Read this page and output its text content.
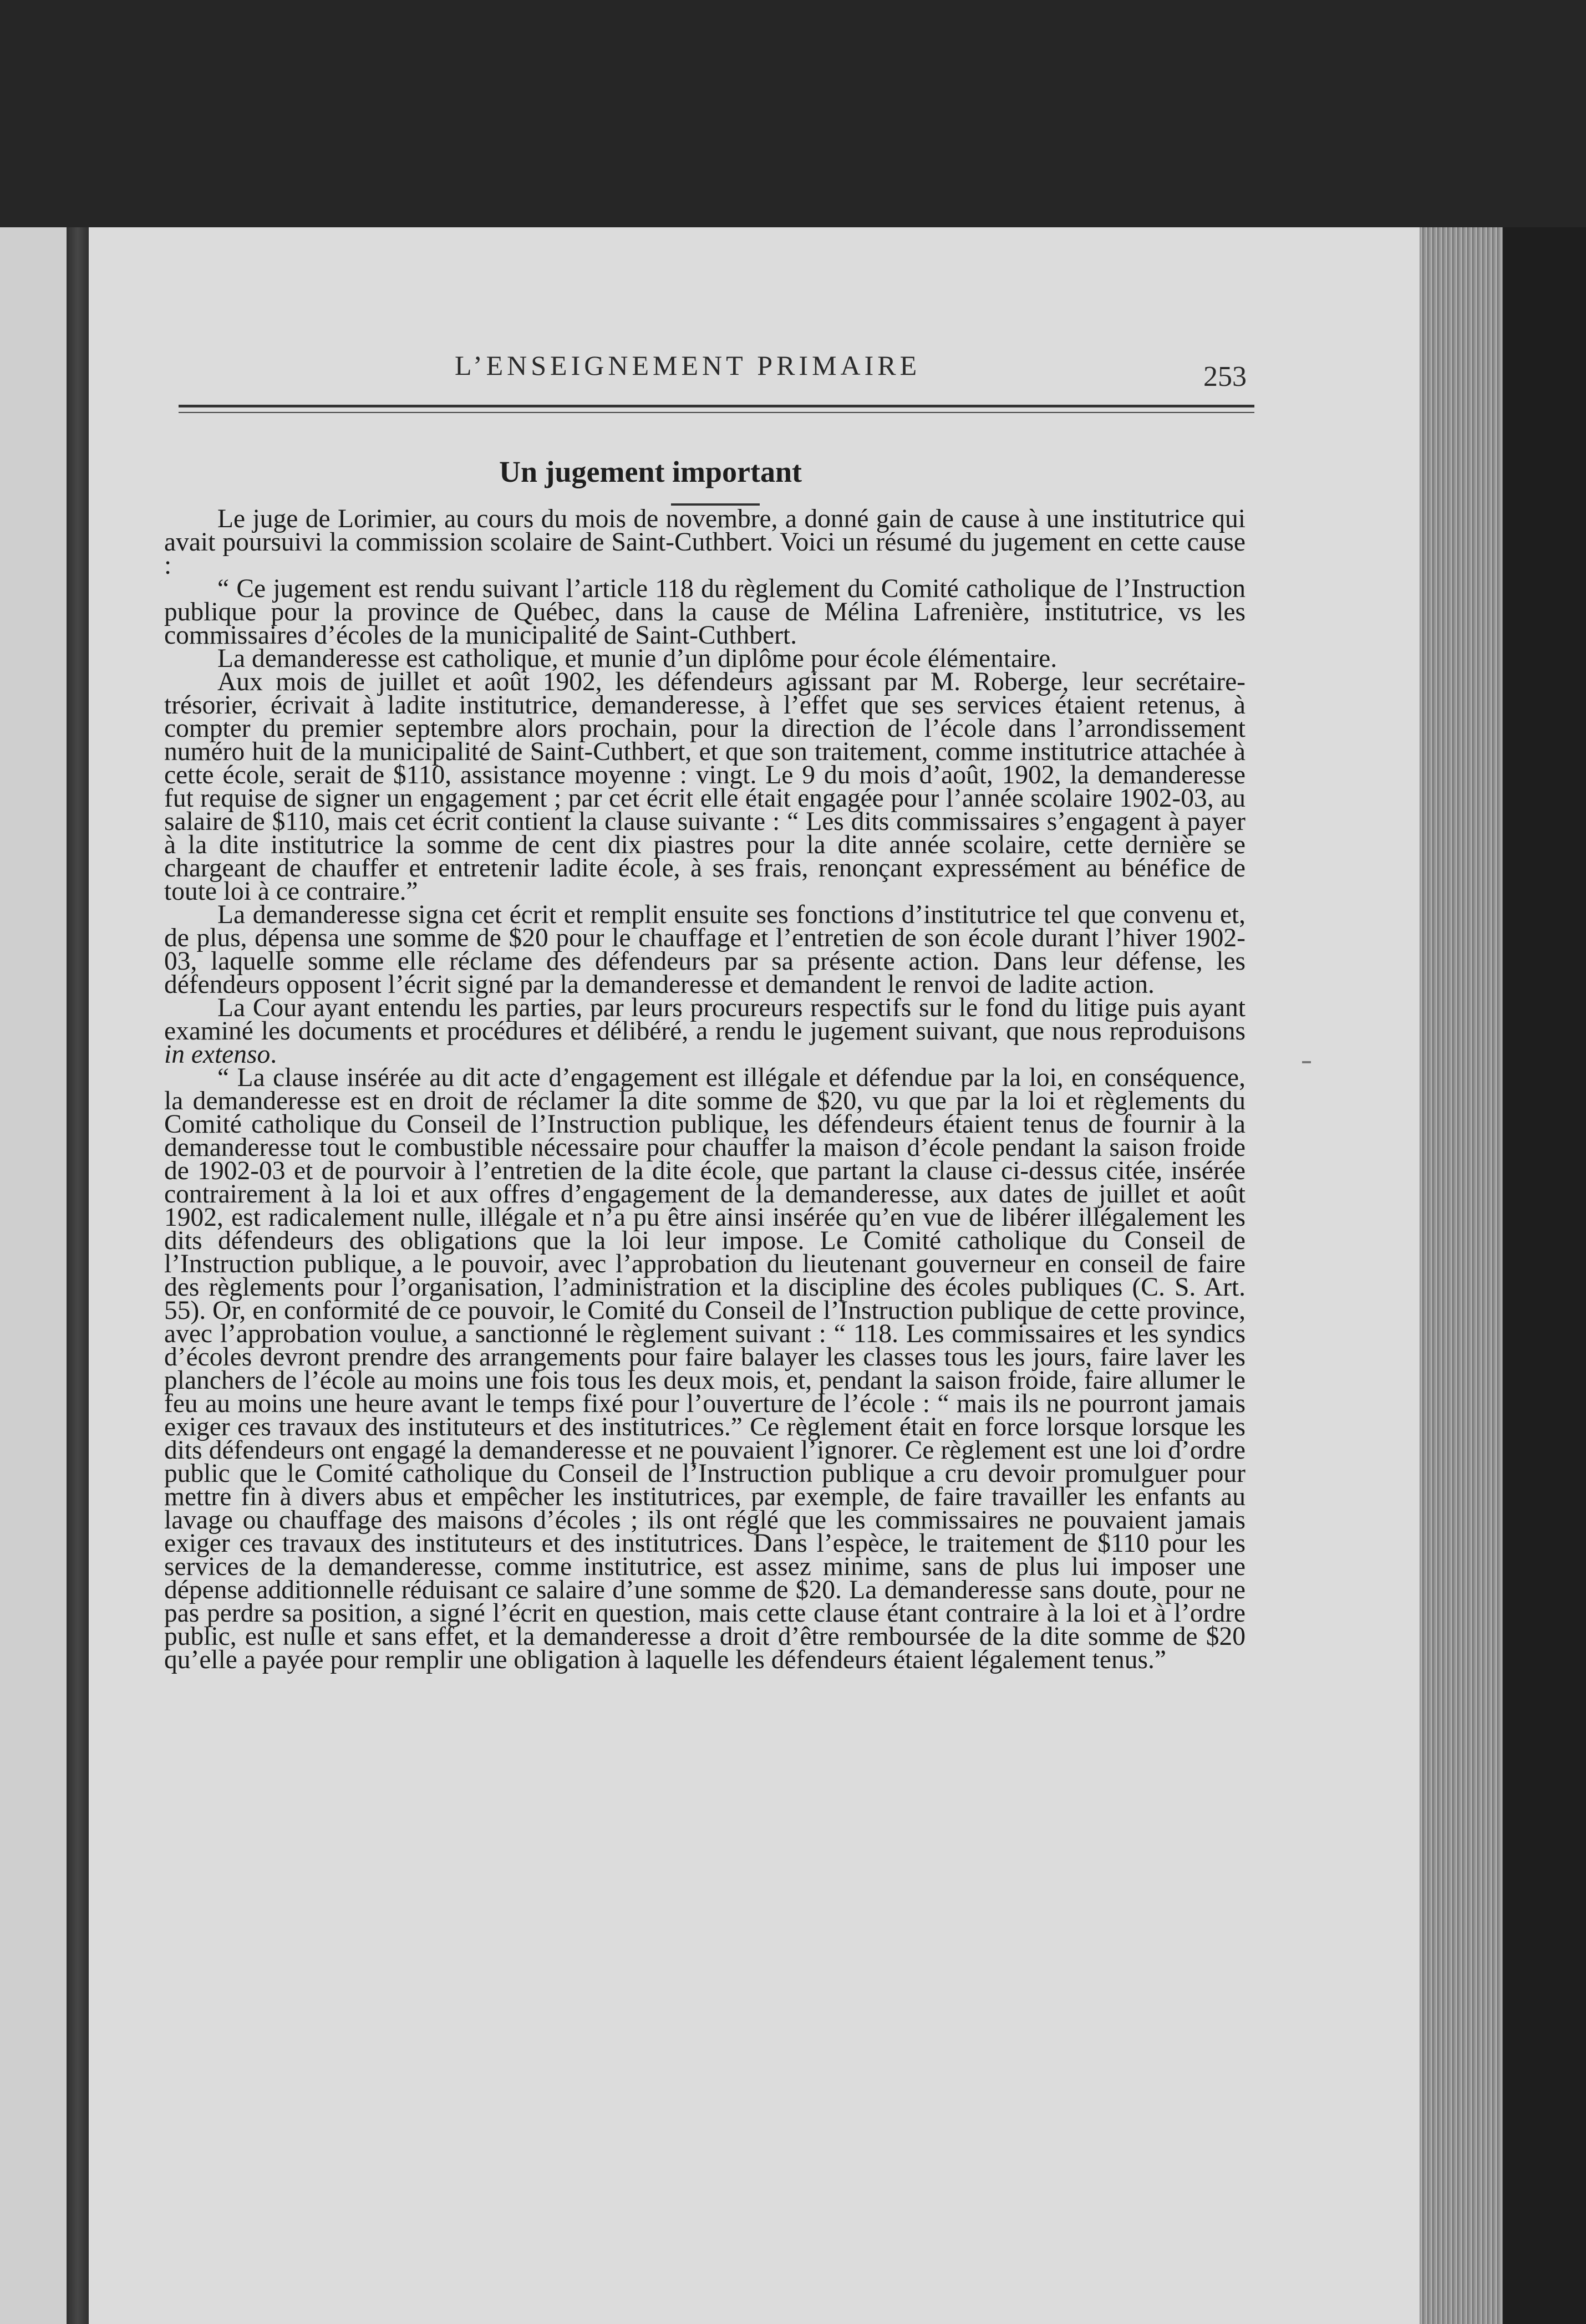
L’ENSEIGNEMENT PRIMAIRE	253
Un jugement important

Le juge de Lorimier, au cours du mois de novembre, a donné gain de cause à une institutrice qui avait poursuivi la commission scolaire de Saint-Cuthbert. Voici un résumé du jugement en cette cause :

“ Ce jugement est rendu suivant l’article 118 du règlement du Comité catholique de l’Instruction publique pour la province de Québec, dans la cause de Mélina Lafrenière, institutrice, vs les commissaires d’écoles de la municipalité de Saint-Cuthbert.

La demanderesse est catholique, et munie d’un diplôme pour école élémentaire.

Aux mois de juillet et août 1902, les défendeurs agissant par M. Roberge, leur secrétaire-trésorier, écrivait à ladite institutrice, demanderesse, à l’effet que ses services étaient retenus, à compter du premier septembre alors prochain, pour la direction de l’école dans l’arrondissement numéro huit de la municipalité de Saint-Cuthbert, et que son traitement, comme institutrice attachée à cette école, serait de $110, assistance moyenne : vingt. Le 9 du mois d’août, 1902, la demanderesse fut requise de signer un engagement ; par cet écrit elle était engagée pour l’année scolaire 1902-03, au salaire de $110, mais cet écrit contient la clause suivante : “ Les dits commissaires s’engagent à payer à la dite institutrice la somme de cent dix piastres pour la dite année scolaire, cette dernière se chargeant de chauffer et entretenir ladite école, à ses frais, renonçant expressément au bénéfice de toute loi à ce contraire.”

La demanderesse signa cet écrit et remplit ensuite ses fonctions d’institutrice tel que convenu et, de plus, dépensa une somme de $20 pour le chauffage et l’entretien de son école durant l’hiver 1902-03, laquelle somme elle réclame des défendeurs par sa présente action. Dans leur défense, les défendeurs opposent l’écrit signé par la demanderesse et demandent le renvoi de ladite action.

La Cour ayant entendu les parties, par leurs procureurs respectifs sur le fond du litige puis ayant examiné les documents et procédures et délibéré, a rendu le jugement suivant, que nous reproduisons in extenso.

“ La clause insérée au dit acte d’engagement est illégale et défendue par la loi, en conséquence, la demanderesse est en droit de réclamer la dite somme de $20, vu que par la loi et règlements du Comité catholique du Conseil de l’Instruction publique, les défendeurs étaient tenus de fournir à la demanderesse tout le combustible nécessaire pour chauffer la maison d’école pendant la saison froide de 1902-03 et de pourvoir à l’entretien de la dite école, que partant la clause ci-dessus citée, insérée contrairement à la loi et aux offres d’engagement de la demanderesse, aux dates de juillet et août 1902, est radicalement nulle, illégale et n’a pu être ainsi insérée qu’en vue de libérer illégalement les dits défendeurs des obligations que la loi leur impose. Le Comité catholique du Conseil de l’Instruction publique, a le pouvoir, avec l’approbation du lieutenant gouverneur en conseil de faire des règlements pour l’organisation, l’administration et la discipline des écoles publiques (C. S. Art. 55). Or, en conformité de ce pouvoir, le Comité du Conseil de l’Instruction publique de cette province, avec l’approbation voulue, a sanctionné le règlement suivant : “ 118. Les commissaires et les syndics d’écoles devront prendre des arrangements pour faire balayer les classes tous les jours, faire laver les planchers de l’école au moins une fois tous les deux mois, et, pendant la saison froide, faire allumer le feu au moins une heure avant le temps fixé pour l’ouverture de l’école : “ mais ils ne pourront jamais exiger ces travaux des instituteurs et des institutrices.” Ce règlement était en force lorsque lorsque les dits défendeurs ont engagé la demanderesse et ne pouvaient l’ignorer. Ce règlement est une loi d’ordre public que le Comité catholique du Conseil de l’Instruction publique a cru devoir promulguer pour mettre fin à divers abus et empêcher les institutrices, par exemple, de faire travailler les enfants au lavage ou chauffage des maisons d’écoles ; ils ont réglé que les commissaires ne pouvaient jamais exiger ces travaux des instituteurs et des institutrices. Dans l’espèce, le traitement de $110 pour les services de la demanderesse, comme institutrice, est assez minime, sans de plus lui imposer une dépense additionnelle réduisant ce salaire d’une somme de $20. La demanderesse sans doute, pour ne pas perdre sa position, a signé l’écrit en question, mais cette clause étant contraire à la loi et à l’ordre public, est nulle et sans effet, et la demanderesse a droit d’être remboursée de la dite somme de $20 qu’elle a payée pour remplir une obligation à laquelle les défendeurs étaient légalement tenus.”
